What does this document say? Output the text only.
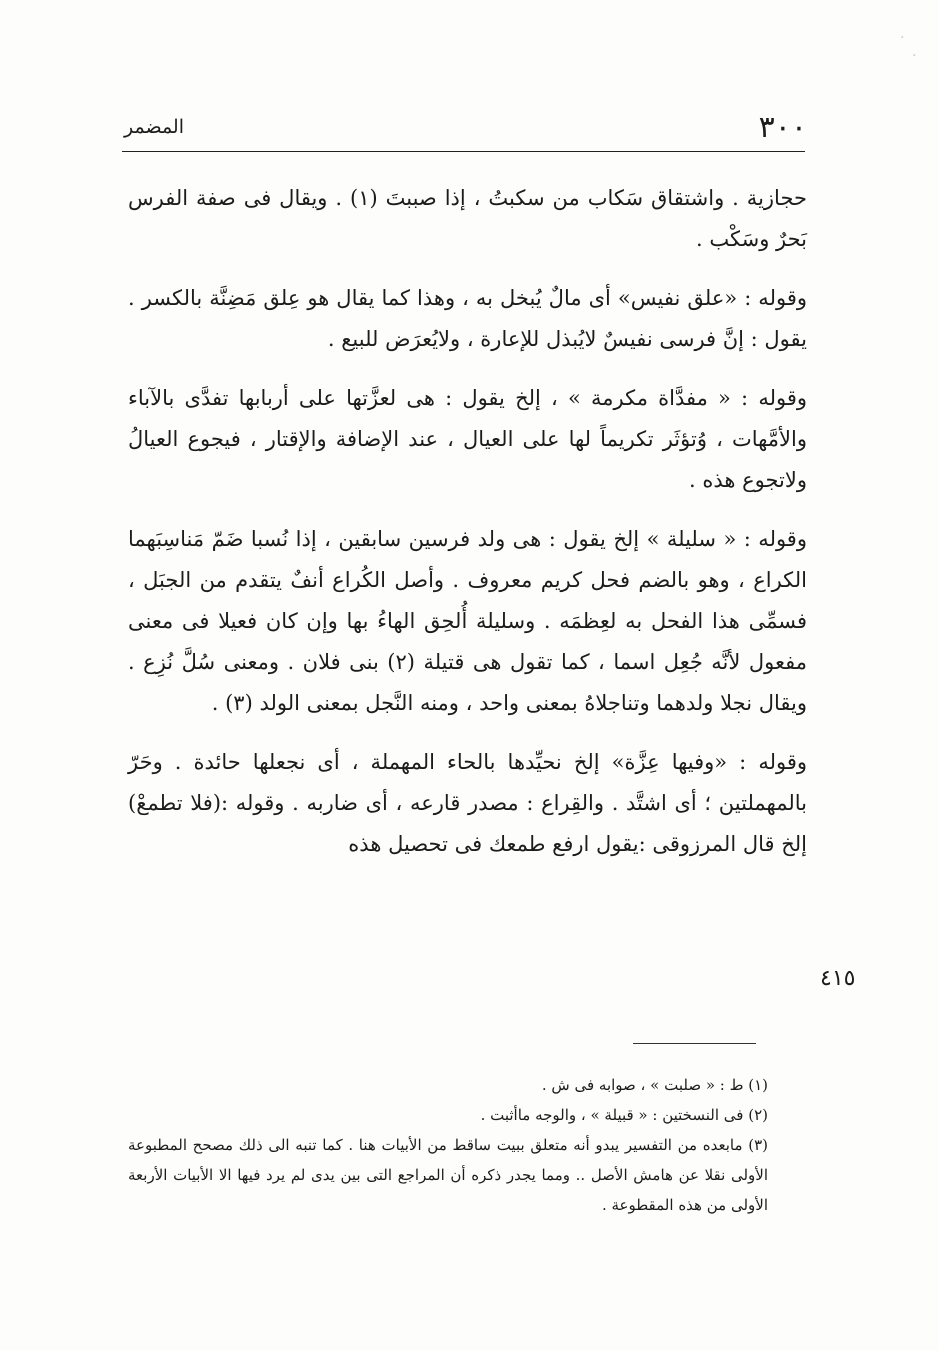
٣٠٠
المضمر

حجازية . واشتقاق سَكاب من سكبتُ ، إذا صببتَ (١) . ويقال فى صفة الفرس بَحرٌ وسَكْب .

وقوله : «علق نفيس» أى مالٌ يُبخل به ، وهذا كما يقال هو عِلق مَضِنَّة بالكسر . يقول : إنَّ فرسى نفيسٌ لايُبذل للإعارة ، ولايُعرَض للبيع .

وقوله : « مفدَّاة مكرمة » ، إلخ يقول : هى لعزَّتها على أربابها تفدَّى بالآباء والأمَّهات ، وُتؤثَر تكريماً لها على العيال ، عند الإضافة والإقتار ، فيجوع العيالُ ولاتجوع هذه .

وقوله : « سليلة » إلخ يقول : هى ولد فرسين سابقين ، إذا نُسبا ضَمّ مَناسِبَهما الكراع ، وهو بالضم فحل كريم معروف . وأصل الكُراع أنفٌ يتقدم من الجبَل ، فسمِّى هذا الفحل به لعِظمَه . وسليلة أُلحِق الهاءُ بها وإن كان فعيلا فى معنى مفعول لأنَّه جُعِل اسما ، كما تقول هى قتيلة (٢) بنى فلان . ومعنى سُلَّ نُزِع . ويقال نجلا ولدهما وتناجلاهُ بمعنى واحد ، ومنه النَّجل بمعنى الولد (٣) .

وقوله : «وفيها عِزَّة» إلخ نحيِّدها بالحاء المهملة ، أى نجعلها حائدة . وحَرّ بالمهملتين ؛ أى اشتَّد . والقِراع : مصدر قارعه ، أى ضاربه . وقوله :(فلا تطمعْ) إلخ قال المرزوقى :يقول ارفع طمعك فى تحصيل هذه

٤١٥

(١) ط : « صلبت » ، صوابه فى ش .

(٢) فى النسختين : « قبيلة » ، والوجه ماأثبت .

(٣) مابعده من التفسير يبدو أنه متعلق ببيت ساقط من الأبيات هنا . كما تنبه الى ذلك مصحح المطبوعة الأولى نقلا عن هامش الأصل .. ومما يجدر ذكره أن المراجع التى بين يدى لم يرد فيها الا الأبيات الأربعة الأولى من هذه المقطوعة .

·
·
